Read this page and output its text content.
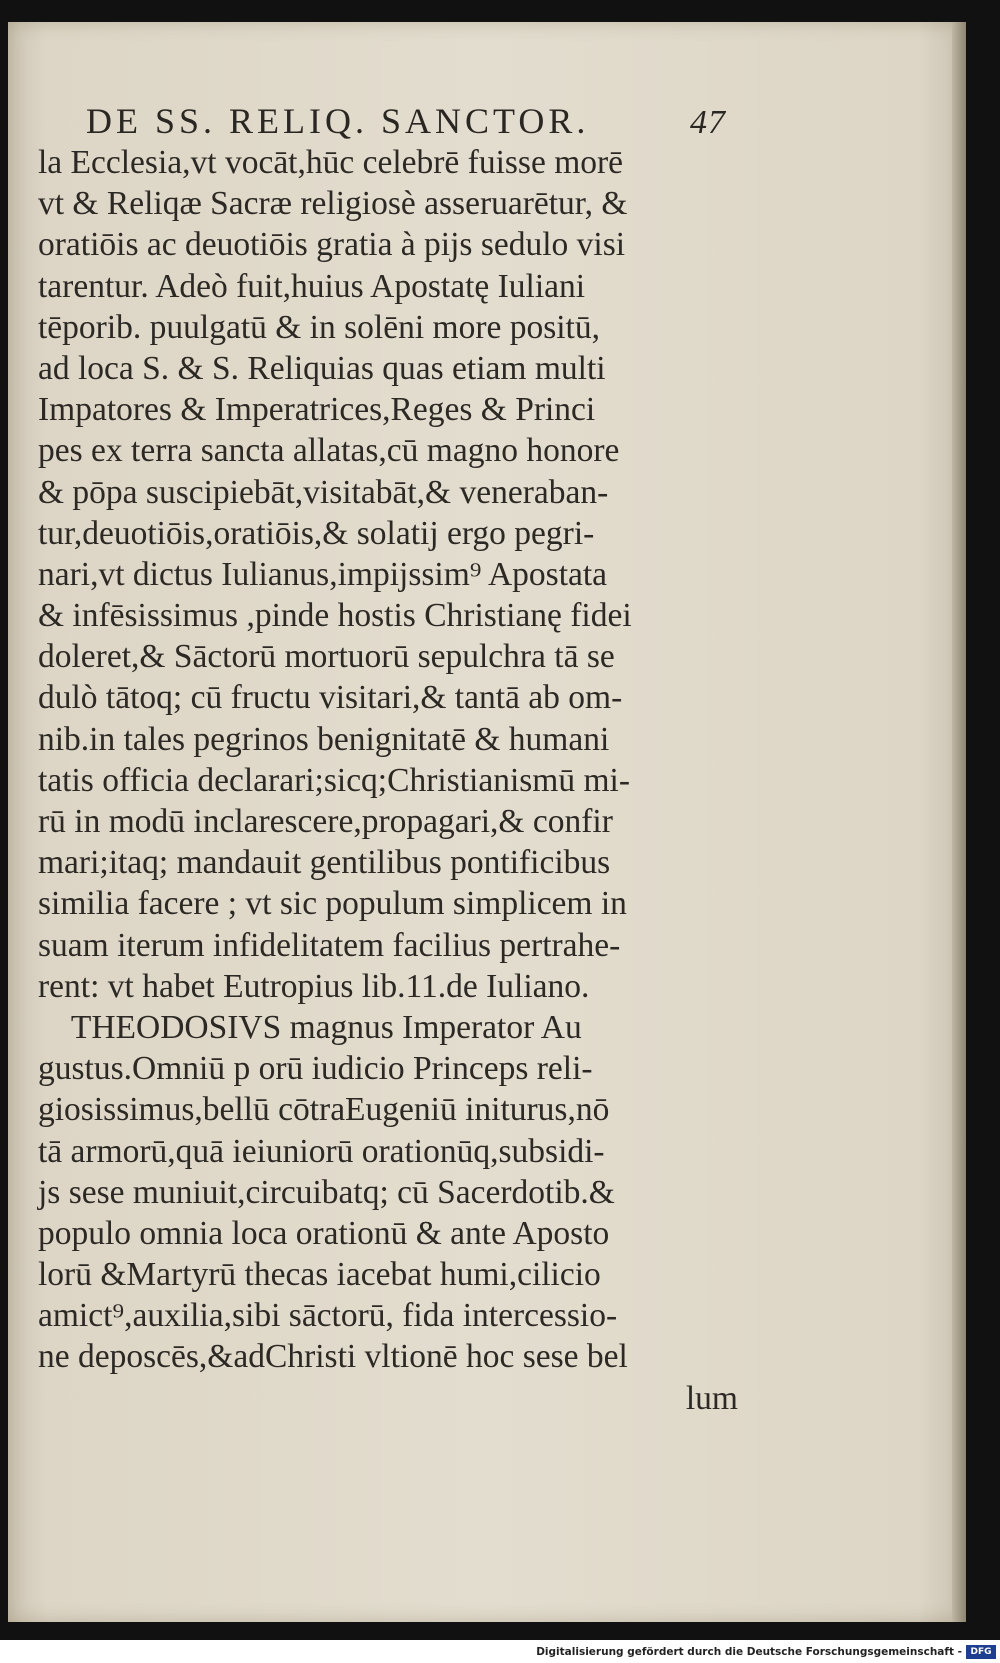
DE SS. RELIQ. SANCTOR.	47
la Ecclesia,vt vocāt,hūc celebrē fuisse morē
vt & Reliqæ Sacræ religiosè asseruarētur, &
oratiōis ac deuotiōis gratia à pijs sedulo visi
tarentur. Adeò fuit,huius Apostatę Iuliani
tēporib. puulgatū & in solēni more positū,
ad loca S. & S. Reliquias quas etiam multi
Impatores & Imperatrices,Reges & Princi
pes ex terra sancta allatas,cū magno honore
& pōpa suscipiebāt,visitabāt,& veneraban-
tur,deuotiōis,oratiōis,& solatij ergo pegri-
nari,vt dictus Iulianus,impijssim⁹ Apostata
& infēsissimus ,pinde hostis Christianę fidei
doleret,& Sāctorū mortuorū sepulchra tā se
dulò tātoq; cū fructu visitari,& tantā ab om-
nib.in tales pegrinos benignitatē & humani
tatis officia declarari;sicq;Christianismū mi-
rū in modū inclarescere,propagari,& confir
mari;itaq; mandauit gentilibus pontificibus
similia facere ; vt sic populum simplicem in
suam iterum infidelitatem facilius pertrahe-
rent: vt habet Eutropius lib.11.de Iuliano.
THEODOSIVS magnus Imperator Au
gustus.Omniū p orū iudicio Princeps reli-
giosissimus,bellū cōtraEugeniū initurus,nō
tā armorū,quā ieiuniorū orationūq,subsidi-
js sese muniuit,circuibatq; cū Sacerdotib.&
populo omnia loca orationū & ante Aposto
lorū &Martyrū thecas iacebat humi,cilicio
amict⁹,auxilia,sibi sāctorū, fida intercessio-
ne deposcēs,&adChristi vltionē hoc sese bel
lum
Digitalisierung gefördert durch die Deutsche Forschungsgemeinschaft - DFG
